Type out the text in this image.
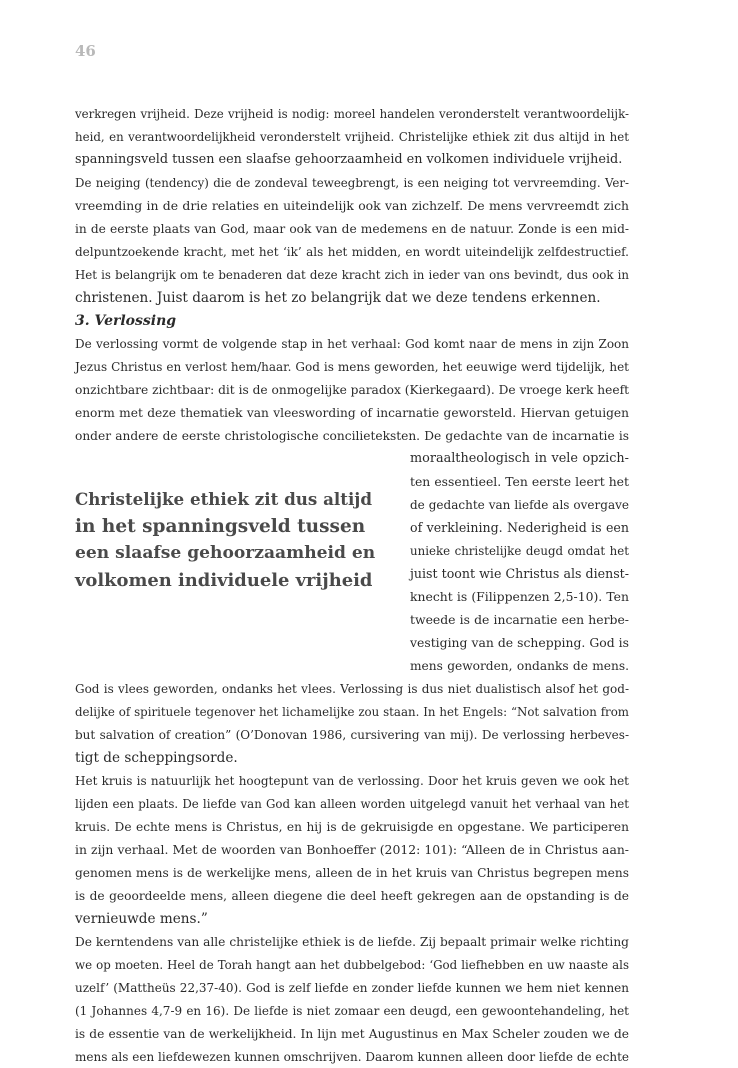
46
verkregen vrijheid. Deze vrijheid is nodig: moreel handelen veronderstelt verantwoordelijk-
heid, en verantwoordelijkheid veronderstelt vrijheid. Christelijke ethiek zit dus altijd in het
spanningsveld tussen een slaafse gehoorzaamheid en volkomen individuele vrijheid.
De neiging (tendency) die de zondeval teweegbrengt, is een neiging tot vervreemding. Ver-
vreemding in de drie relaties en uiteindelijk ook van zichzelf. De mens vervreemdt zich
in de eerste plaats van God, maar ook van de medemens en de natuur. Zonde is een mid-
delpuntzoekende kracht, met het ‘ik’ als het midden, en wordt uiteindelijk zelfdestructief.
Het is belangrijk om te benaderen dat deze kracht zich in ieder van ons bevindt, dus ook in
christenen. Juist daarom is het zo belangrijk dat we deze tendens erkennen.
3. Verlossing
De verlossing vormt de volgende stap in het verhaal: God komt naar de mens in zijn Zoon
Jezus Christus en verlost hem/haar. God is mens geworden, het eeuwige werd tijdelijk, het
onzichtbare zichtbaar: dit is de onmogelijke paradox (Kierkegaard). De vroege kerk heeft
enorm met deze thematiek van vleeswording of incarnatie geworsteld. Hiervan getuigen
onder andere de eerste christologische concilieteksten. De gedachte van de incarnatie is
moraaltheologisch in vele opzich-
ten essentieel. Ten eerste leert het
de gedachte van liefde als overgave
of verkleining. Nederigheid is een
unieke christelijke deugd omdat het
juist toont wie Christus als dienst-
knecht is (Filippenzen 2,5-10). Ten
tweede is de incarnatie een herbe-
vestiging van de schepping. God is
mens geworden, ondanks de mens.
Christelijke ethiek zit dus altijd
in het spanningsveld tussen
een slaafse gehoorzaamheid en
volkomen individuele vrijheid
God is vlees geworden, ondanks het vlees. Verlossing is dus niet dualistisch alsof het god-
delijke of spirituele tegenover het lichamelijke zou staan. In het Engels: “Not salvation from
but salvation of creation” (O’Donovan 1986, cursivering van mij). De verlossing herbeves-
tigt de scheppingsorde.
Het kruis is natuurlijk het hoogtepunt van de verlossing. Door het kruis geven we ook het
lijden een plaats. De liefde van God kan alleen worden uitgelegd vanuit het verhaal van het
kruis. De echte mens is Christus, en hij is de gekruisigde en opgestane. We participeren
in zijn verhaal. Met de woorden van Bonhoeffer (2012: 101): “Alleen de in Christus aan-
genomen mens is de werkelijke mens, alleen de in het kruis van Christus begrepen mens
is de geoordeelde mens, alleen diegene die deel heeft gekregen aan de opstanding is de
vernieuwde mens.”
De kerntendens van alle christelijke ethiek is de liefde. Zij bepaalt primair welke richting
we op moeten. Heel de Torah hangt aan het dubbelgebod: ‘God liefhebben en uw naaste als
uzelf’ (Mattheüs 22,37-40). God is zelf liefde en zonder liefde kunnen we hem niet kennen
(1 Johannes 4,7-9 en 16). De liefde is niet zomaar een deugd, een gewoontehandeling, het
is de essentie van de werkelijkheid. In lijn met Augustinus en Max Scheler zouden we de
mens als een liefdewezen kunnen omschrijven. Daarom kunnen alleen door liefde de echte
